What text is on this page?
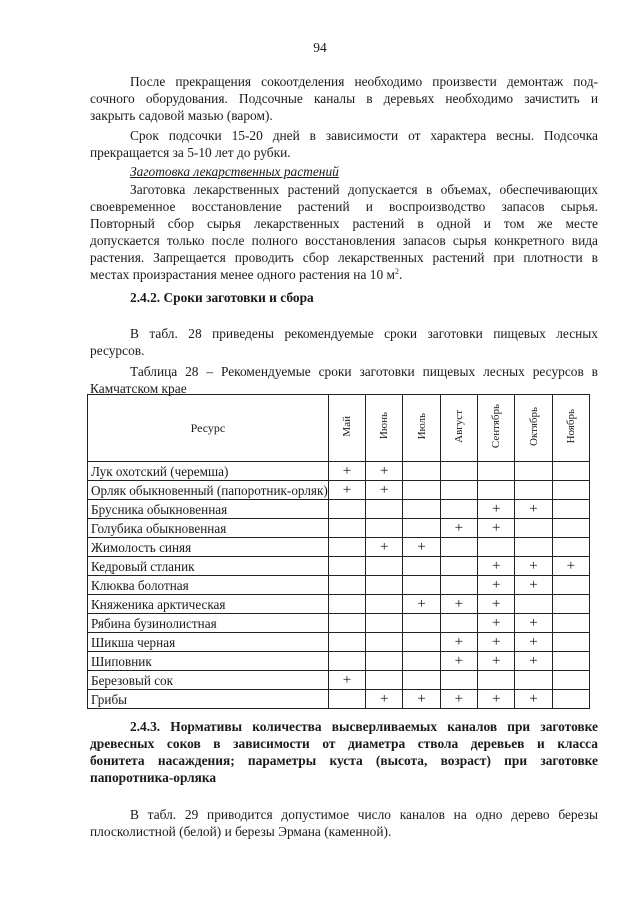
94
После прекращения сокоотделения необходимо произвести демонтаж под-
сочного оборудования. Подсочные каналы в деревьях необходимо зачистить и
закрыть садовой мазью (варом).
Срок подсочки 15-20 дней в зависимости от характера весны. Подсочка
прекращается за 5-10 лет до рубки.
Заготовка лекарственных растений
Заготовка лекарственных растений допускается в объемах, обеспечивающих
своевременное восстановление растений и воспроизводство запасов сырья.
Повторный сбор сырья лекарственных растений в одной и том же месте
допускается только после полного восстановления запасов сырья конкретного вида
растения. Запрещается проводить сбор лекарственных растений при плотности в
местах произрастания менее одного растения на 10 $м^2$.
2.4.2. Сроки заготовки и сбора
В табл. 28 приведены рекомендуемые сроки заготовки пищевых лесных
ресурсов.
Таблица 28 – Рекомендуемые сроки заготовки пищевых лесных ресурсов в
Камчатском крае
Ресурс	Май	Июнь	Июль	Август	Сентябрь	Октябрь	Ноябрь
Лук охотский (черемша)	+	+					
Орляк обыкновенный (папоротник-орляк)	+	+					
Брусника обыкновенная					+	+	
Голубика обыкновенная				+	+		
Жимолость синяя		+	+				
Кедровый стланик					+	+	+
Клюква болотная					+	+	
Княженика арктическая			+	+	+		
Рябина бузинолистная					+	+	
Шикша черная				+	+	+	
Шиповник				+	+	+	
Березовый сок	+						
Грибы		+	+	+	+	+	
2.4.3. Нормативы количества высверливаемых каналов при заготовке
древесных соков в зависимости от диаметра ствола деревьев и класса
бонитета насаждения; параметры куста (высота, возраст) при заготовке
папоротника-орляка
В табл. 29 приводится допустимое число каналов на одно дерево березы
плосколистной (белой) и березы Эрмана (каменной).
